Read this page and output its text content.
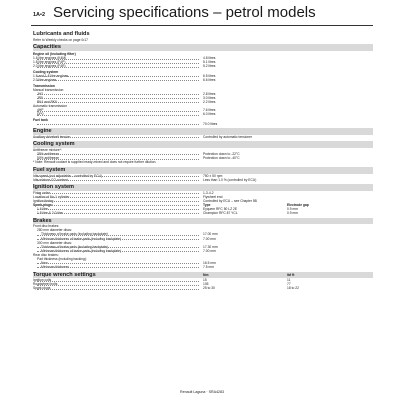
1A•2 Servicing specifications – petrol models
Lubricants and fluids
Refer to Weekly checks on page 0•17
Capacities
Engine oil (including filter)
1.6 litre engines (K4M)	4.8 litres
1.8 litre engines (F4P)	5.1 litres
2.0 litre engines (F4R)	5.2 litres
Cooling system
1.6 and 1.8 litre engines	6.5 litres
2.0 litre engines	6.6 litres
Transmission
Manual transmission:
JH3	2.8 litres
JR5	3.0 litres
PK4 and PK6	2.2 litres
Automatic transmission
4HP	7.6 litres
DP0	6.0 litres
Fuel tank
70.0 litres
Engine
Auxiliary drivebelt tension	Controlled by automatic tensioner
Cooling system
Antifreeze mixture*:
35% antifreeze	Protection down to -22°C
50% antifreeze	Protection down to -40°C
* Note: Renault coolant is supplied ready-mixed and does not require further dilution.
Fuel system
Idle speed (not adjustable – controlled by ECU)	750 ± 50 rpm
Idle mixture CO content	Less than 1.0 % (controlled by ECU)
Ignition system
Firing order	1-3-4-2
Location of No 1 cylinder	Flywheel end
Ignition timing	Controlled by ECU – see Chapter 5B
Spark plugs:	Type	Electrode gap
1.6 litre	Eyquem RFC 50 LZ 2E	0.9 mm
1.8 litre & 2.0 litre	Champion RFC 87 YCL	0.9 mm
Brakes
Front disc brakes:
280 mm diameter discs:
Thickness of brake pads (including backplate)	17.00 mm
Minimum thickness of brake pads (including backplate)	7.00 mm
300 mm diameter discs:
Thickness of brake pads (including backplate)	17.30 mm
Minimum thickness of brake pads (including backplate)	7.00 mm
Rear disc brakes:
Pad thickness (including backing):
New	16.5 mm
Minimum thickness	7.5 mm
Torque wrench settings	Nm	lbf ft
Ignition coils	15	11
Roadwheel bolts	105	77
Spark plugs	25 to 30	18 to 22
Renault Laguna · SRA4283
